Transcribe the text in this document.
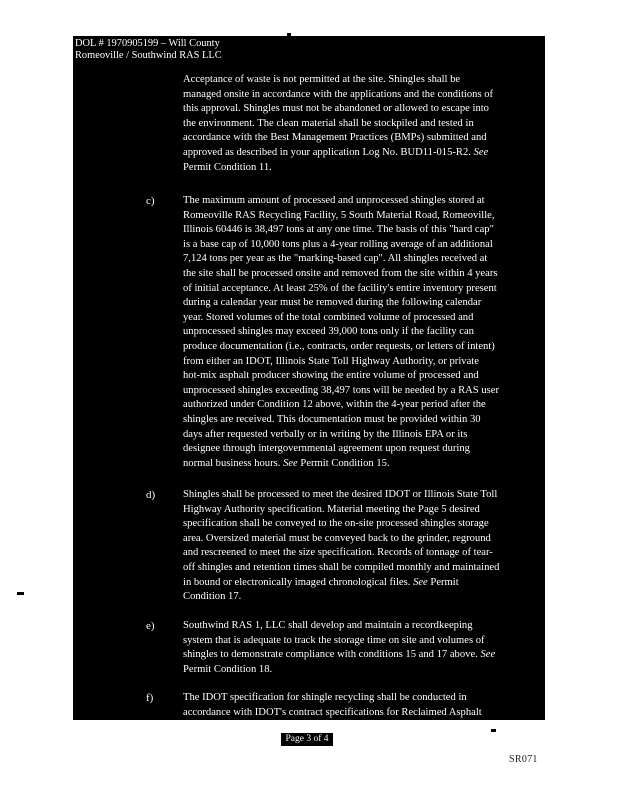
DOL # 1970905199 – Will County
Romeoville / Southwind RAS LLC
Acceptance of waste is not permitted at the site. Shingles shall be
managed onsite in accordance with the applications and the conditions of
this approval. Shingles must not be abandoned or allowed to escape into
the environment. The clean material shall be stockpiled and tested in
accordance with the Best Management Practices (BMPs) submitted and
approved as described in your application Log No. BUD11-015-R2. See
Permit Condition 11.
c)	The maximum amount of processed and unprocessed shingles stored at
Romeoville RAS Recycling Facility, 5 South Material Road, Romeoville,
Illinois 60446 is 38,497 tons at any one time. The basis of this "hard cap"
is a base cap of 10,000 tons plus a 4-year rolling average of an additional
7,124 tons per year as the "marking-based cap". All shingles received at
the site shall be processed onsite and removed from the site within 4 years
of initial acceptance. At least 25% of the facility's entire inventory present
during a calendar year must be removed during the following calendar
year. Stored volumes of the total combined volume of processed and
unprocessed shingles may exceed 39,000 tons only if the facility can
produce documentation (i.e., contracts, order requests, or letters of intent)
from either an IDOT, Illinois State Toll Highway Authority, or private
hot-mix asphalt producer showing the entire volume of processed and
unprocessed shingles exceeding 38,497 tons will be needed by a RAS user
authorized under Condition 12 above, within the 4-year period after the
shingles are received. This documentation must be provided within 30
days after requested verbally or in writing by the Illinois EPA or its
designee through intergovernmental agreement upon request during
normal business hours. See Permit Condition 15.
d)	Shingles shall be processed to meet the desired IDOT or Illinois State Toll
Highway Authority specification. Material meeting the Page 5 desired
specification shall be conveyed to the on-site processed shingles storage
area. Oversized material must be conveyed back to the grinder, reground
and rescreened to meet the size specification. Records of tonnage of tear-
off shingles and retention times shall be compiled monthly and maintained
in bound or electronically imaged chronological files. See Permit
Condition 17.
e)	Southwind RAS 1, LLC shall develop and maintain a recordkeeping
system that is adequate to track the storage time on site and volumes of
shingles to demonstrate compliance with conditions 15 and 17 above. See
Permit Condition 18.
f)	The IDOT specification for shingle recycling shall be conducted in
accordance with IDOT's contract specifications for Reclaimed Asphalt
Page 3 of 4
SR071
